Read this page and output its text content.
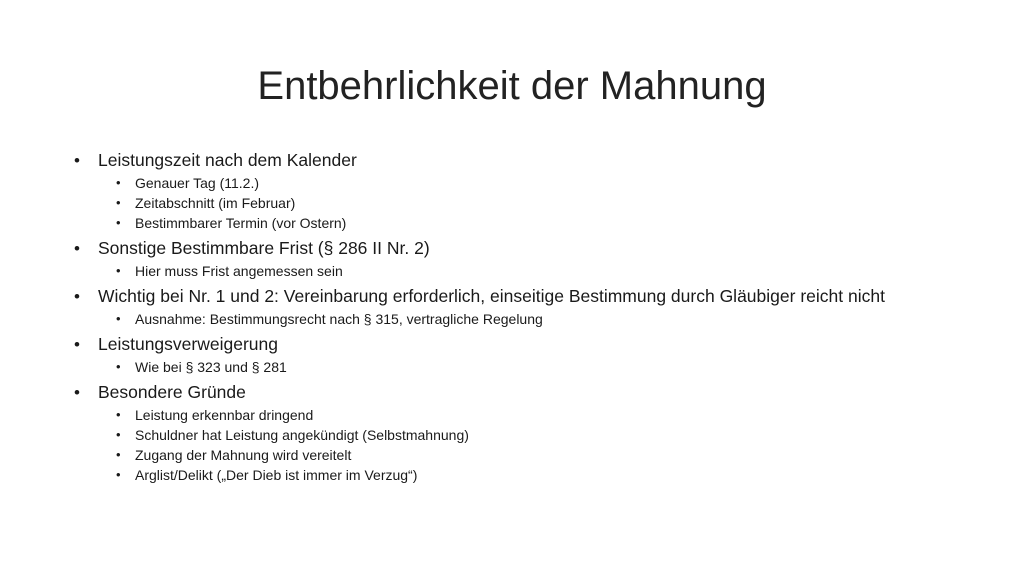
Entbehrlichkeit der Mahnung
• Leistungszeit nach dem Kalender
• Genauer Tag (11.2.)
• Zeitabschnitt (im Februar)
• Bestimmbarer Termin (vor Ostern)
• Sonstige Bestimmbare Frist (§ 286 II Nr. 2)
• Hier muss Frist angemessen sein
• Wichtig bei Nr. 1 und 2: Vereinbarung erforderlich, einseitige Bestimmung durch Gläubiger reicht nicht
• Ausnahme: Bestimmungsrecht nach § 315, vertragliche Regelung
• Leistungsverweigerung
• Wie bei § 323 und § 281
• Besondere Gründe
• Leistung erkennbar dringend
• Schuldner hat Leistung angekündigt (Selbstmahnung)
• Zugang der Mahnung wird vereitelt
• Arglist/Delikt („Der Dieb ist immer im Verzug“)
